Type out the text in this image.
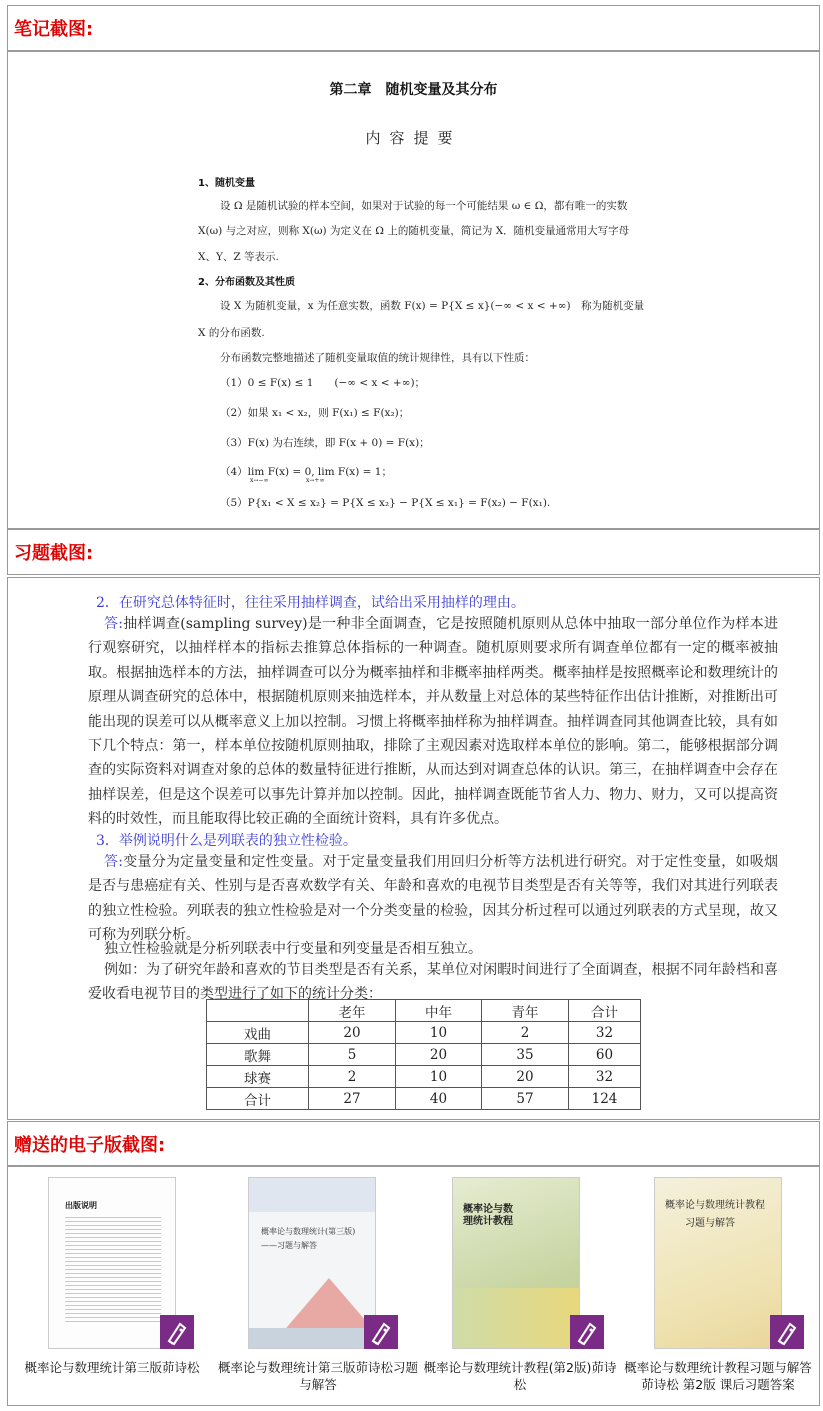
笔记截图:
第二章　随机变量及其分布
内容提要
1、随机变量
设 Ω 是随机试验的样本空间，如果对于试验的每一个可能结果 ω ∈ Ω，都有唯一的实数
X(ω) 与之对应，则称 X(ω) 为定义在 Ω 上的随机变量，简记为 X．随机变量通常用大写字母
X、Y、Z 等表示.
2、分布函数及其性质
设 X 为随机变量，x 为任意实数，函数 F(x) = P{X ≤ x}(−∞ < x < +∞)　称为随机变量
X 的分布函数.
分布函数完整地描述了随机变量取值的统计规律性，具有以下性质：
（1）0 ≤ F(x) ≤ 1　　(−∞ < x < +∞)；
（2）如果 x₁ < x₂，则 F(x₁) ≤ F(x₂)；
（3）F(x) 为右连续，即 F(x + 0) = F(x)；
（4）lim F(x) = 0, lim F(x) = 1；
x→−∞	x→+∞
（5）P{x₁ < X ≤ x₂} = P{X ≤ x₂} − P{X ≤ x₁} = F(x₂) − F(x₁).
习题截图:
2．在研究总体特征时，往往采用抽样调查，试给出采用抽样的理由。

答:抽样调查(sampling survey)是一种非全面调查，它是按照随机原则从总体中抽取一部分单位作为样本进行观察研究，以抽样样本的指标去推算总体指标的一种调查。随机原则要求所有调查单位都有一定的概率被抽取。根据抽选样本的方法，抽样调查可以分为概率抽样和非概率抽样两类。概率抽样是按照概率论和数理统计的原理从调查研究的总体中，根据随机原则来抽选样本，并从数量上对总体的某些特征作出估计推断，对推断出可能出现的误差可以从概率意义上加以控制。习惯上将概率抽样称为抽样调查。抽样调查同其他调查比较，具有如下几个特点：第一，样本单位按随机原则抽取，排除了主观因素对选取样本单位的影响。第二，能够根据部分调查的实际资料对调查对象的总体的数量特征进行推断，从而达到对调查总体的认识。第三，在抽样调查中会存在抽样误差，但是这个误差可以事先计算并加以控制。因此，抽样调查既能节省人力、物力、财力，又可以提高资料的时效性，而且能取得比较正确的全面统计资料，具有许多优点。

3．举例说明什么是列联表的独立性检验。

答:变量分为定量变量和定性变量。对于定量变量我们用回归分析等方法机进行研究。对于定性变量，如吸烟是否与患癌症有关、性别与是否喜欢数学有关、年龄和喜欢的电视节目类型是否有关等等，我们对其进行列联表的独立性检验。列联表的独立性检验是对一个分类变量的检验，因其分析过程可以通过列联表的方式呈现，故又可称为列联分析。

独立性检验就是分析列联表中行变量和列变量是否相互独立。

例如：为了研究年龄和喜欢的节目类型是否有关系，某单位对闲暇时间进行了全面调查，根据不同年龄档和喜爱收看电视节目的类型进行了如下的统计分类：

	老年	中年	青年	合计
戏曲	20	10	2	32
歌舞	5	20	35	60
球赛	2	10	20	32
合计	27	40	57	124
赠送的电子版截图:
出版说明
概率论与数理统计第三版茆诗松
概率论与数理统计(第三版)
——习题与解答
概率论与数理统计第三版茆诗松习题与解答
概率论与数理统计教程
概率论与数理统计教程(第2版)茆诗松
概率论与数理统计教程
习题与解答
概率论与数理统计教程习题与解答 茆诗松 第2版 课后习题答案
